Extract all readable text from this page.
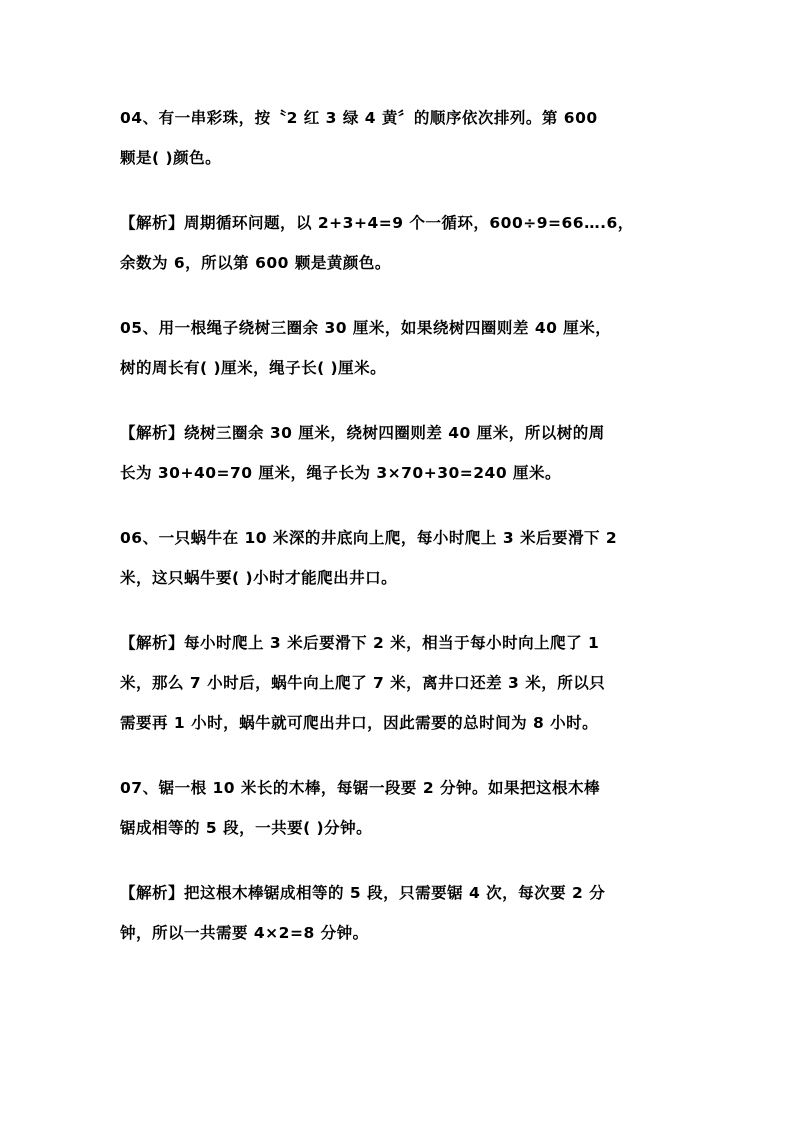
04、有一串彩珠，按〝2 红 3 绿 4 黄〞的顺序依次排列。第 600
颗是( )颜色。
【解析】周期循环问题，以 2+3+4=9 个一循环，600÷9=66….6，
余数为 6，所以第 600 颗是黄颜色。
05、用一根绳子绕树三圈余 30 厘米，如果绕树四圈则差 40 厘米，
树的周长有( )厘米，绳子长( )厘米。
【解析】绕树三圈余 30 厘米，绕树四圈则差 40 厘米，所以树的周
长为 30+40=70 厘米，绳子长为 3×70+30=240 厘米。
06、一只蜗牛在 10 米深的井底向上爬，每小时爬上 3 米后要滑下 2
米，这只蜗牛要( )小时才能爬出井口。
【解析】每小时爬上 3 米后要滑下 2 米，相当于每小时向上爬了 1
米，那么 7 小时后，蜗牛向上爬了 7 米，离井口还差 3 米，所以只
需要再 1 小时，蜗牛就可爬出井口，因此需要的总时间为 8 小时。
07、锯一根 10 米长的木棒，每锯一段要 2 分钟。如果把这根木棒
锯成相等的 5 段，一共要( )分钟。
【解析】把这根木棒锯成相等的 5 段，只需要锯 4 次，每次要 2 分
钟，所以一共需要 4×2=8 分钟。
